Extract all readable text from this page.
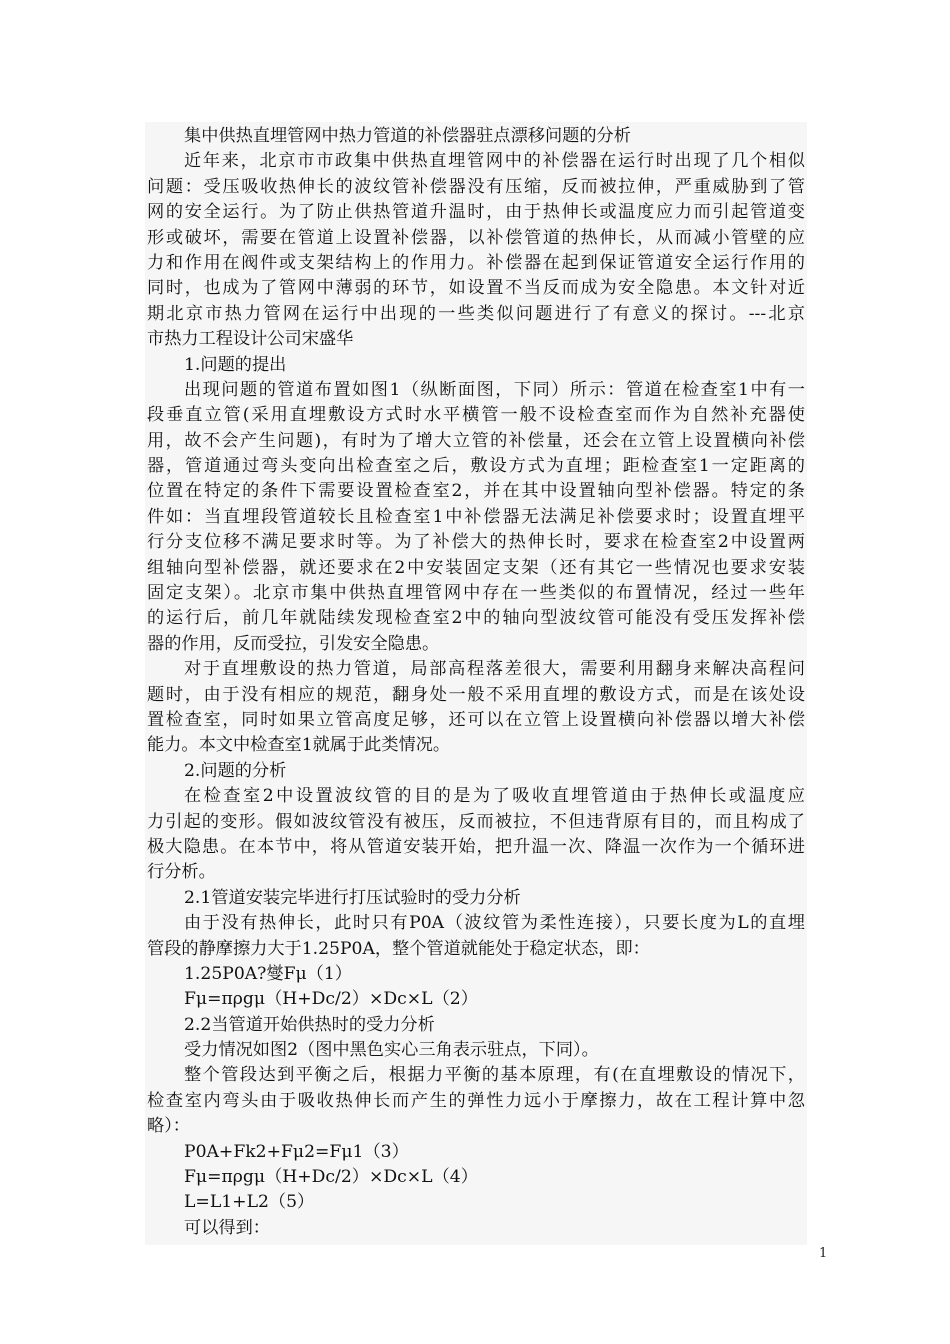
集中供热直埋管网中热力管道的补偿器驻点漂移问题的分析
近年来，北京市市政集中供热直埋管网中的补偿器在运行时出现了几个相似
问题：受压吸收热伸长的波纹管补偿器没有压缩，反而被拉伸，严重威胁到了管
网的安全运行。为了防止供热管道升温时，由于热伸长或温度应力而引起管道变
形或破坏，需要在管道上设置补偿器，以补偿管道的热伸长，从而减小管壁的应
力和作用在阀件或支架结构上的作用力。补偿器在起到保证管道安全运行作用的
同时，也成为了管网中薄弱的环节，如设置不当反而成为安全隐患。本文针对近
期北京市热力管网在运行中出现的一些类似问题进行了有意义的探讨。---北京
市热力工程设计公司宋盛华
1.问题的提出
出现问题的管道布置如图1（纵断面图，下同）所示：管道在检查室1中有一
段垂直立管(采用直埋敷设方式时水平横管一般不设检查室而作为自然补充器使
用，故不会产生问题)，有时为了增大立管的补偿量，还会在立管上设置横向补偿
器，管道通过弯头变向出检查室之后，敷设方式为直埋；距检查室1一定距离的
位置在特定的条件下需要设置检查室2，并在其中设置轴向型补偿器。特定的条
件如：当直埋段管道较长且检查室1中补偿器无法满足补偿要求时；设置直埋平
行分支位移不满足要求时等。为了补偿大的热伸长时，要求在检查室2中设置两
组轴向型补偿器，就还要求在2中安装固定支架（还有其它一些情况也要求安装
固定支架）。北京市集中供热直埋管网中存在一些类似的布置情况，经过一些年
的运行后，前几年就陆续发现检查室2中的轴向型波纹管可能没有受压发挥补偿
器的作用，反而受拉，引发安全隐患。
对于直埋敷设的热力管道，局部高程落差很大，需要利用翻身来解决高程问
题时，由于没有相应的规范，翻身处一般不采用直埋的敷设方式，而是在该处设
置检查室，同时如果立管高度足够，还可以在立管上设置横向补偿器以增大补偿
能力。本文中检查室1就属于此类情况。
2.问题的分析
在检查室2中设置波纹管的目的是为了吸收直埋管道由于热伸长或温度应
力引起的变形。假如波纹管没有被压，反而被拉，不但违背原有目的，而且构成了
极大隐患。在本节中，将从管道安装开始，把升温一次、降温一次作为一个循环进
行分析。
2.1管道安装完毕进行打压试验时的受力分析
由于没有热伸长，此时只有P0A（波纹管为柔性连接），只要长度为L的直埋
管段的静摩擦力大于1.25P0A，整个管道就能处于稳定状态，即：
1.25P0A?燮Fμ（1）
Fμ=πρgμ（H+Dc/2）×Dc×L（2）
2.2当管道开始供热时的受力分析
受力情况如图2（图中黑色实心三角表示驻点，下同）。
整个管段达到平衡之后，根据力平衡的基本原理，有(在直埋敷设的情况下，
检查室内弯头由于吸收热伸长而产生的弹性力远小于摩擦力，故在工程计算中忽
略）：
P0A+Fk2+Fμ2=Fμ1（3）
Fμ=πρgμ（H+Dc/2）×Dc×L（4）
L=L1+L2（5）
可以得到：
1
